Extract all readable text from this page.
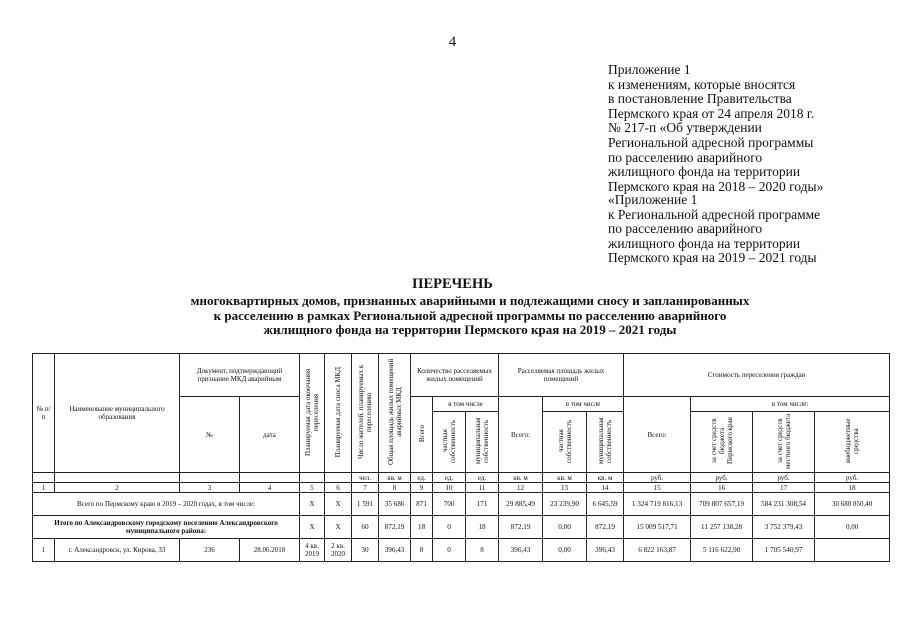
4
Приложение 1
к изменениям, которые вносятся
в постановление Правительства
Пермского края от 24 апреля 2018 г.
№ 217-п «Об утверждении
Региональной адресной программы
по расселению аварийного
жилищного фонда на территории
Пермского края на 2018 – 2020 годы»
«Приложение 1
к Региональной адресной программе
по расселению аварийного
жилищного фонда на территории
Пермского края на 2019 – 2021 годы
ПЕРЕЧЕНЬ
многоквартирных домов, признанных аварийными и подлежащими сносу и запланированных
к расселению в рамках Региональной адресной программы по расселению аварийного
жилищного фонда на территории Пермского края на 2019 – 2021 годы
№ п/ п	Наименование муниципального образования	Документ, подтверждающий признание МКД аварийным		Планируемая дата окончания переселения	Планируемая дата сноса МКД	Число жителей, планируемых к переселению	Общая площадь жилых помещений аварийных МКД	Количество расселяемых жилых помещений			Расселяемая площадь жилых помещений			Стоимость переселения граждан			
		№	дата					Всего	в том числе		Всего:	в том числе		Всего:	в том числе:		
									частная собственность	муниципальная собственность		частная собственность	муниципальная собственность		за счет средств бюджета Пермского края	за счет средств местного бюджета	внебюджетные средства
						чел.	кв. м	ед.	ед.	ед.	кв. м	кв. м	кв. м	руб.	руб.	руб.	руб.
1	2	3	4	5	6	7	8	9	10	11	12	13	14	15	16	17	18
Всего по Пермскому краю в 2019 – 2020 годах, в том числе:				X	X	1 591	35 686	871	700	171	29 885,49	23 239,90	6 645,59	1 324 719 816,13	709 807 657,19	584 231 308,54	30 680 850,40
Итого по Александровскому городскому поселению Александровского муниципального района:				X	X	60	872,19	18	0	18	872,19	0,00	872,19	15 009 517,71	11 257 138,28	3 752 379,43	0,00
1	г. Александровск, ул. Кирова, 33	236	28.06.2018	4 кв. 2019	2 кв. 2020	30	396,43	8	0	8	396,43	0,00	396,43	6 822 163,87	5 116 622,90	1 705 540,97	
